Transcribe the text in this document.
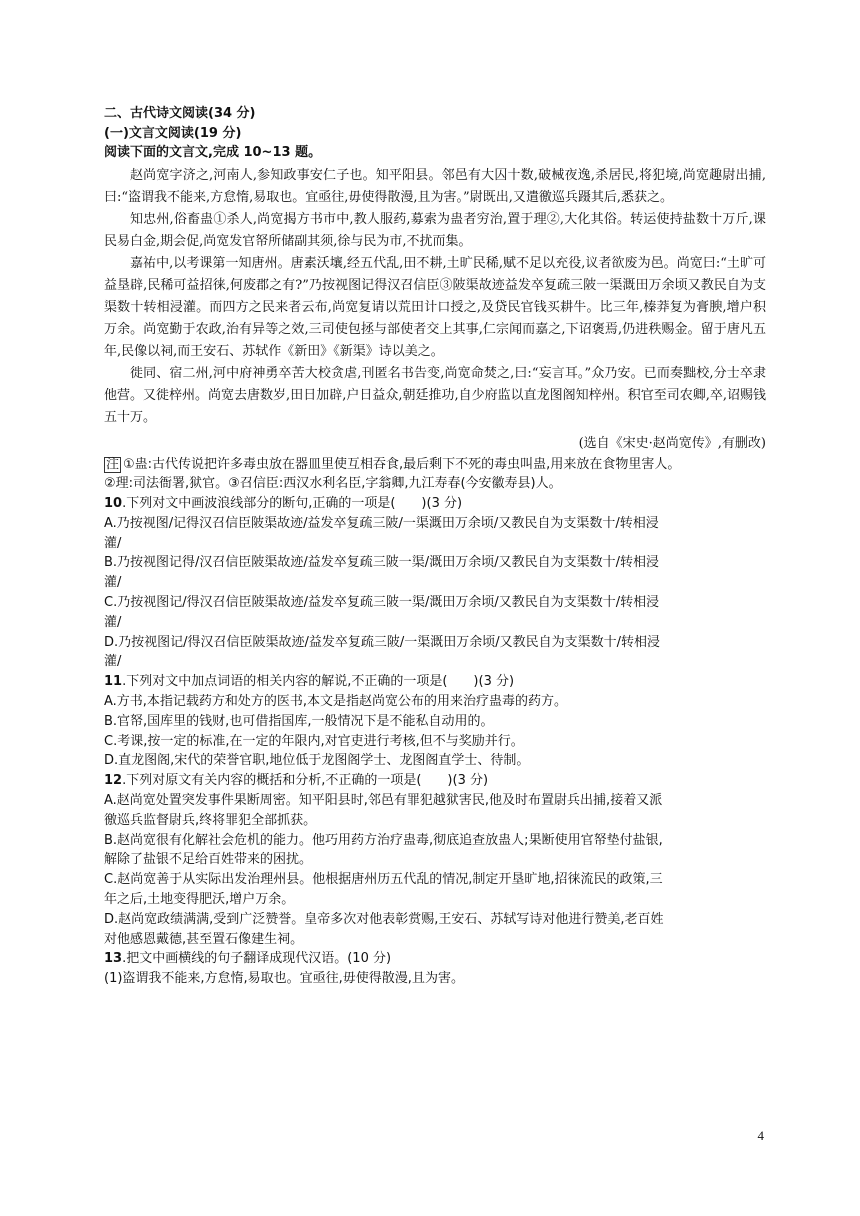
二、古代诗文阅读(34 分)
(一)文言文阅读(19 分)
阅读下面的文言文,完成 10~13 题。

赵尚宽字济之,河南人,参知政事安仁子也。知平阳县。邻邑有大囚十数,破械夜逸,杀居民,将犯境,尚宽趣尉出捕,曰:“盗谓我不能来,方怠惰,易取也。宜亟往,毋使得散漫,且为害。”尉既出,又遣徼巡兵蹑其后,悉获之。

知忠州,俗畜蛊①杀人,尚宽揭方书市中,教人服药,募索为蛊者穷治,置于理②,大化其俗。转运使持盐数十万斤,课民易白金,期会促,尚宽发官帑所储副其须,徐与民为市,不扰而集。

嘉祐中,以考课第一知唐州。唐素沃壤,经五代乱,田不耕,土旷民稀,赋不足以充役,议者欲废为邑。尚宽曰:“土旷可益垦辟,民稀可益招徕,何废郡之有?”乃按视图记得汉召信臣③陂渠故迹益发卒复疏三陂一渠溉田万余顷又教民自为支渠数十转相浸灌。而四方之民来者云布,尚宽复请以荒田计口授之,及贷民官钱买耕牛。比三年,榛莽复为膏腴,增户积万余。尚宽勤于农政,治有异等之效,三司使包拯与部使者交上其事,仁宗闻而嘉之,下诏褒焉,仍进秩赐金。留于唐凡五年,民像以祠,而王安石、苏轼作《新田》《新渠》诗以美之。

徙同、宿二州,河中府神勇卒苦大校贪虐,刊匿名书告变,尚宽命焚之,曰:“妄言耳。”众乃安。已而奏黜校,分士卒隶他营。又徙梓州。尚宽去唐数岁,田日加辟,户日益众,朝廷推功,自少府监以直龙图阁知梓州。积官至司农卿,卒,诏赐钱五十万。

(选自《宋史·赵尚宽传》,有删改)

注 ①蛊:古代传说把许多毒虫放在器皿里使互相吞食,最后剩下不死的毒虫叫蛊,用来放在食物里害人。

②理:司法衙署,狱官。③召信臣:西汉水利名臣,字翁卿,九江寿春(今安徽寿县)人。

10.下列对文中画波浪线部分的断句,正确的一项是(　　)(3 分)

A.乃按视图/记得汉召信臣陂渠故迹/益发卒复疏三陂/一渠溉田万余顷/又教民自为支渠数十/转相浸
灌/

B.乃按视图记得/汉召信臣陂渠故迹/益发卒复疏三陂一渠/溉田万余顷/又教民自为支渠数十/转相浸
灌/

C.乃按视图记/得汉召信臣陂渠故迹/益发卒复疏三陂一渠/溉田万余顷/又教民自为支渠数十/转相浸
灌/

D.乃按视图记/得汉召信臣陂渠故迹/益发卒复疏三陂/一渠溉田万余顷/又教民自为支渠数十/转相浸
灌/

11.下列对文中加点词语的相关内容的解说,不正确的一项是(　　)(3 分)

A.方书,本指记载药方和处方的医书,本文是指赵尚宽公布的用来治疗蛊毒的药方。

B.官帑,国库里的钱财,也可借指国库,一般情况下是不能私自动用的。

C.考课,按一定的标准,在一定的年限内,对官吏进行考核,但不与奖励并行。

D.直龙图阁,宋代的荣誉官职,地位低于龙图阁学士、龙图阁直学士、待制。

12.下列对原文有关内容的概括和分析,不正确的一项是(　　)(3 分)

A.赵尚宽处置突发事件果断周密。知平阳县时,邻邑有罪犯越狱害民,他及时布置尉兵出捕,接着又派
徼巡兵监督尉兵,终将罪犯全部抓获。

B.赵尚宽很有化解社会危机的能力。他巧用药方治疗蛊毒,彻底追查放蛊人;果断使用官帑垫付盐银,
解除了盐银不足给百姓带来的困扰。

C.赵尚宽善于从实际出发治理州县。他根据唐州历五代乱的情况,制定开垦旷地,招徕流民的政策,三
年之后,土地变得肥沃,增户万余。

D.赵尚宽政绩满满,受到广泛赞誉。皇帝多次对他表彰赏赐,王安石、苏轼写诗对他进行赞美,老百姓
对他感恩戴德,甚至置石像建生祠。

13.把文中画横线的句子翻译成现代汉语。(10 分)

(1)盗谓我不能来,方怠惰,易取也。宜亟往,毋使得散漫,且为害。

4
